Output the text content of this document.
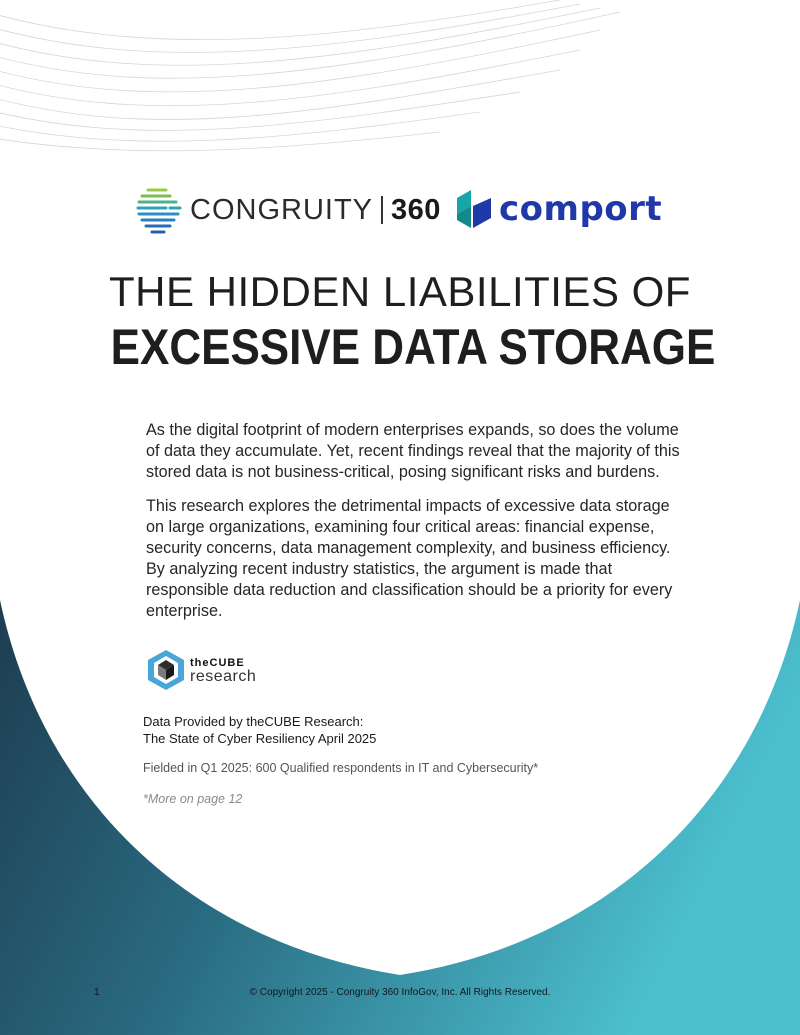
CONGRUITY 360 comport
THE HIDDEN LIABILITIES OF
EXCESSIVE DATA STORAGE

As the digital footprint of modern enterprises expands, so does the volume of data they accumulate. Yet, recent findings reveal that the majority of this stored data is not business-critical, posing significant risks and burdens.

This research explores the detrimental impacts of excessive data storage on large organizations, examining four critical areas: financial expense, security concerns, data management complexity, and business efficiency. By analyzing recent industry statistics, the argument is made that responsible data reduction and classification should be a priority for every enterprise.

theCUBE
research
Data Provided by theCUBE Research:
The State of Cyber Resiliency April 2025
Fielded in Q1 2025: 600 Qualified respondents in IT and Cybersecurity*
*More on page 12
1	© Copyright 2025 - Congruity 360 InfoGov, Inc. All Rights Reserved.
